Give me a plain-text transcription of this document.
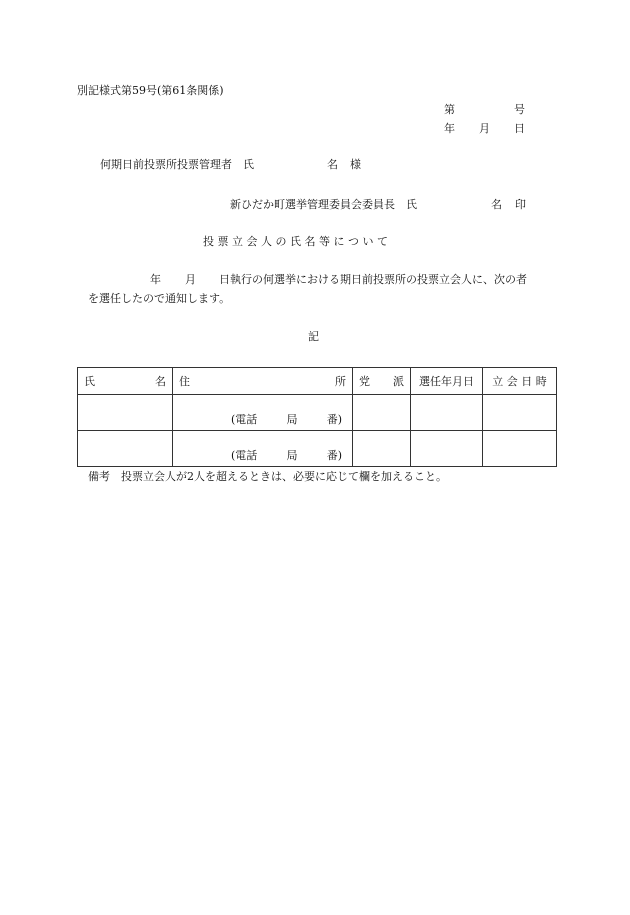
別記様式第59号(第61条関係)
第	号
年 月 日
何期日前投票所投票管理者　氏	名 様
新ひだか町選挙管理委員会委員長　氏	名 印
投 票 立 会 人 の 氏 名 等 に つ い て
年 月 日執行の何選挙における期日前投票所の投票立会人に、次の者
を選任したので通知します。
記
氏 名	住 所	党 派	選任年月日	立 会 日 時

	(電話 局 番)			

	(電話 局 番)			

備考　投票立会人が2人を超えるときは、必要に応じて欄を加えること。
